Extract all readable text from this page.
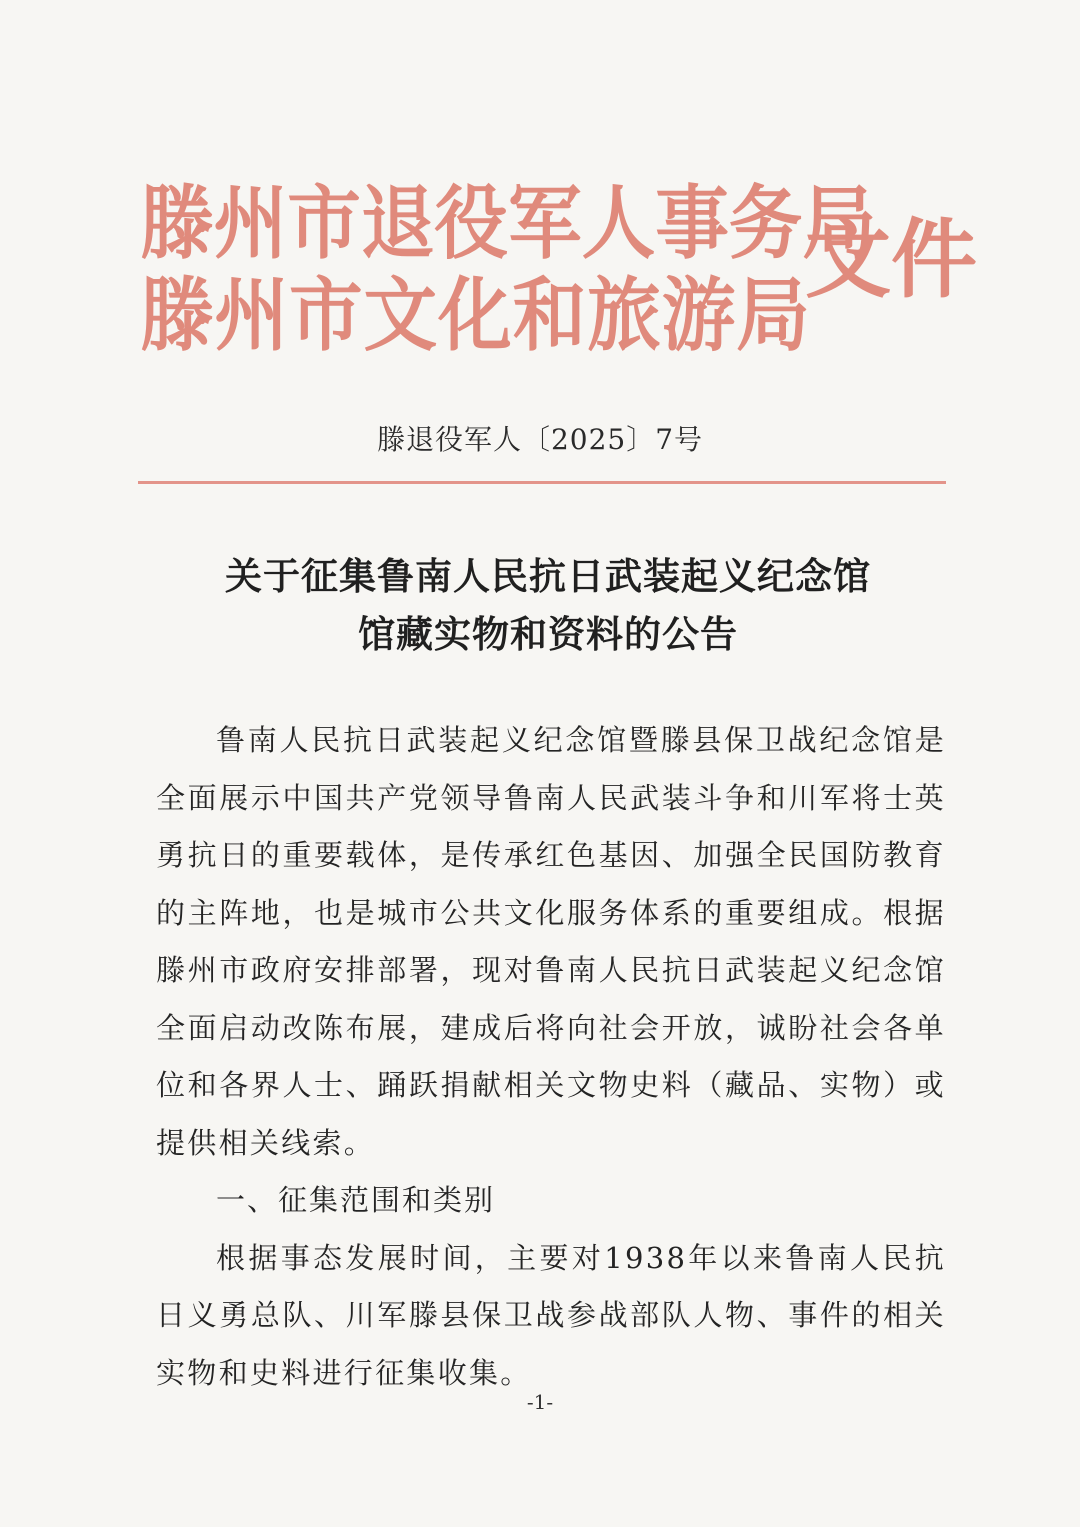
滕州市退役军人事务局
滕州市文化和旅游局
文件
滕退役军人〔2025〕7号
关于征集鲁南人民抗日武装起义纪念馆
馆藏实物和资料的公告

鲁南人民抗日武装起义纪念馆暨滕县保卫战纪念馆是全面展示中国共产党领导鲁南人民武装斗争和川军将士英勇抗日的重要载体，是传承红色基因、加强全民国防教育的主阵地，也是城市公共文化服务体系的重要组成。根据滕州市政府安排部署，现对鲁南人民抗日武装起义纪念馆全面启动改陈布展，建成后将向社会开放，诚盼社会各单位和各界人士、踊跃捐献相关文物史料（藏品、实物）或提供相关线索。

一、征集范围和类别

根据事态发展时间，主要对1938年以来鲁南人民抗日义勇总队、川军滕县保卫战参战部队人物、事件的相关实物和史料进行征集收集。

-1-
